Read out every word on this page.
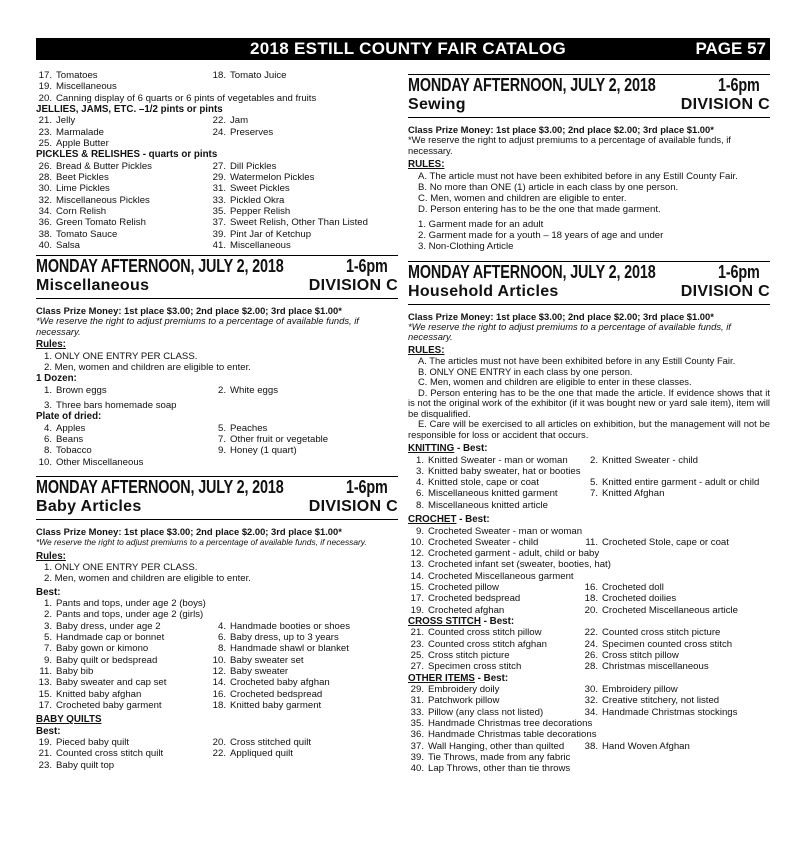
2018 ESTILL COUNTY FAIR CATALOG	PAGE 57
17. Tomatoes	18. Tomato Juice
19. Miscellaneous
20. Canning display of 6 quarts or 6 pints of vegetables and fruits
JELLIES, JAMS, ETC. –1/2 pints or pints
21. Jelly	22. Jam
23. Marmalade	24. Preserves
25. Apple Butter
PICKLES & RELISHES - quarts or pints
26. Bread & Butter Pickles	27. Dill Pickles
28. Beet Pickles	29. Watermelon Pickles
30. Lime Pickles	31. Sweet Pickles
32. Miscellaneous Pickles	33. Pickled Okra
34. Corn Relish	35. Pepper Relish
36. Green Tomato Relish	37. Sweet Relish, Other Than Listed
38. Tomato Sauce	39. Pint Jar of Ketchup
40. Salsa	41. Miscellaneous
MONDAY AFTERNOON, JULY 2, 2018	1-6pm
Miscellaneous	DIVISION C
Class Prize Money: 1st place $3.00; 2nd place $2.00; 3rd place $1.00*
*We reserve the right to adjust premiums to a percentage of available funds, if necessary.
Rules:
1. ONLY ONE ENTRY PER CLASS.
2. Men, women and children are eligible to enter.
1 Dozen:
1. Brown eggs	2. White eggs
3. Three bars homemade soap
Plate of dried:
4. Apples	5. Peaches
6. Beans	7. Other fruit or vegetable
8. Tobacco	9. Honey (1 quart)
10. Other Miscellaneous
MONDAY AFTERNOON, JULY 2, 2018	1-6pm
Baby Articles	DIVISION C
Class Prize Money: 1st place $3.00; 2nd place $2.00; 3rd place $1.00*
*We reserve the right to adjust premiums to a percentage of available funds, if necessary.
Rules:
1. ONLY ONE ENTRY PER CLASS.
2. Men, women and children are eligible to enter.
Best:
1. Pants and tops, under age 2 (boys)
2. Pants and tops, under age 2 (girls)
3. Baby dress, under age 2	4. Handmade booties or shoes
5. Handmade cap or bonnet	6. Baby dress, up to 3 years
7. Baby gown or kimono	8. Handmade shawl or blanket
9. Baby quilt or bedspread	10. Baby sweater set
11. Baby bib	12. Baby sweater
13. Baby sweater and cap set	14. Crocheted baby afghan
15. Knitted baby afghan	16. Crocheted bedspread
17. Crocheted baby garment	18. Knitted baby garment
BABY QUILTS
Best:
19. Pieced baby quilt	20. Cross stitched quilt
21. Counted cross stitch quilt	22. Appliqued quilt
23. Baby quilt top
MONDAY AFTERNOON, JULY 2, 2018	1-6pm
Sewing	DIVISION C
Class Prize Money: 1st place $3.00; 2nd place $2.00; 3rd place $1.00*
*We reserve the right to adjust premiums to a percentage of available funds, if necessary.
RULES:
A. The article must not have been exhibited before in any Estill County Fair.
B. No more than ONE (1) article in each class by one person.
C. Men, women and children are eligible to enter.
D. Person entering has to be the one that made garment.
1. Garment made for an adult
2. Garment made for a youth – 18 years of age and under
3. Non-Clothing Article
MONDAY AFTERNOON, JULY 2, 2018	1-6pm
Household Articles	DIVISION C
Class Prize Money: 1st place $3.00; 2nd place $2.00; 3rd place $1.00*
*We reserve the right to adjust premiums to a percentage of available funds, if necessary.
RULES:
A. The articles must not have been exhibited before in any Estill County Fair.
B. ONLY ONE ENTRY in each class by one person.
C. Men, women and children are eligible to enter in these classes.
D. Person entering has to be the one that made the article. If evidence shows that it is not the original work of the exhibitor (if it was bought new or yard sale item), item will be disqualified.
E. Care will be exercised to all articles on exhibition, but the management will not be responsible for loss or accident that occurs.
KNITTING - Best:
1. Knitted Sweater - man or woman	2. Knitted Sweater - child
3. Knitted baby sweater, hat or booties
4. Knitted stole, cape or coat	5. Knitted entire garment - adult or child
6. Miscellaneous knitted garment	7. Knitted Afghan
8. Miscellaneous knitted article
CROCHET - Best:
9. Crocheted Sweater - man or woman
10. Crocheted Sweater - child	11. Crocheted Stole, cape or coat
12. Crocheted garment - adult, child or baby
13. Crocheted infant set (sweater, booties, hat)
14. Crocheted Miscellaneous garment
15. Crocheted pillow	16. Crocheted doll
17. Crocheted bedspread	18. Crocheted doilies
19. Crocheted afghan	20. Crocheted Miscellaneous article
CROSS STITCH - Best:
21. Counted cross stitch pillow	22. Counted cross stitch picture
23. Counted cross stitch afghan	24. Specimen counted cross stitch
25. Cross stitch picture	26. Cross stitch pillow
27. Specimen cross stitch	28. Christmas miscellaneous
OTHER ITEMS - Best:
29. Embroidery doily	30. Embroidery pillow
31. Patchwork pillow	32. Creative stitchery, not listed
33. Pillow (any class not listed)	34. Handmade Christmas stockings
35. Handmade Christmas tree decorations
36. Handmade Christmas table decorations
37. Wall Hanging, other than quilted	38. Hand Woven Afghan
39. Tie Throws, made from any fabric
40. Lap Throws, other than tie throws
